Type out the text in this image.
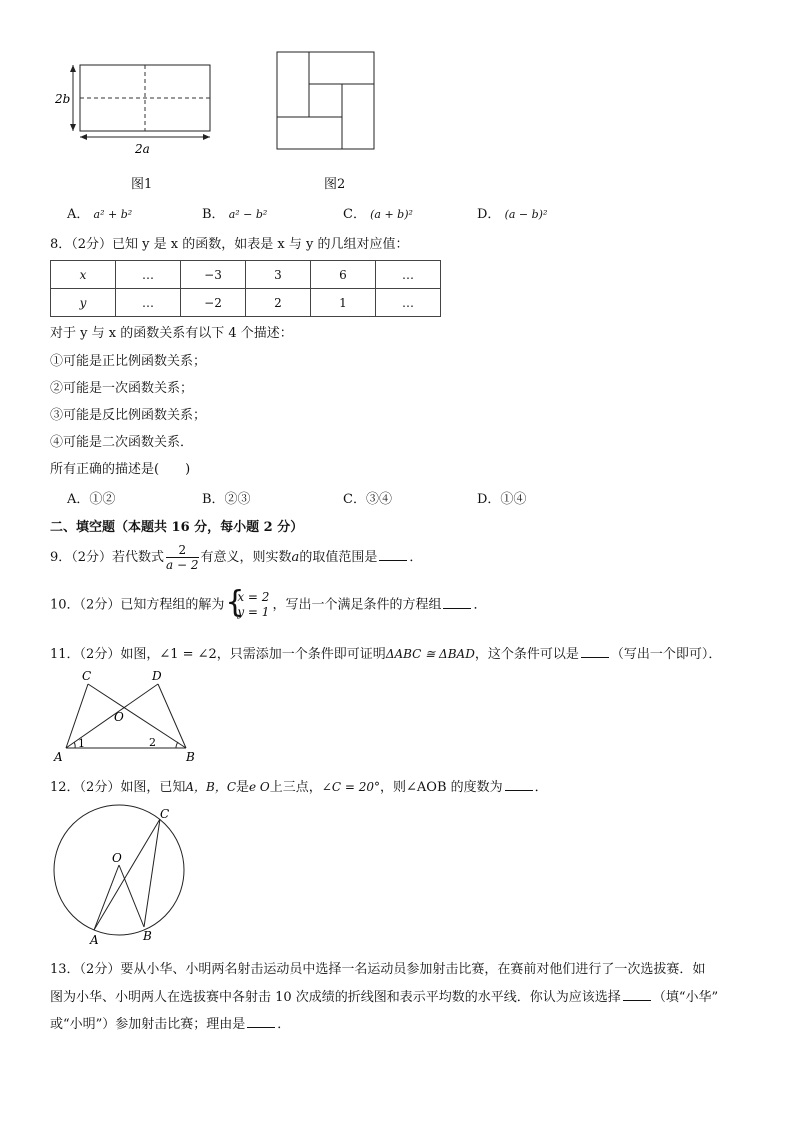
2b
2a
图1	图2
A． a² + b²	B． a² − b²	C． (a + b)²	D． (a − b)²
8．（2分）已知 y 是 x 的函数，如表是 x 与 y 的几组对应值：
x	…	−3	3	6	…
y	…	−2	2	1	…
对于 y 与 x 的函数关系有以下 4 个描述：
①可能是正比例函数关系；
②可能是一次函数关系；
③可能是反比例函数关系；
④可能是二次函数关系．
所有正确的描述是(　　)
A．①②	B．②③	C．③④	D．①④
二、填空题（本题共 16 分，每小题 2 分）
9．（2分）若代数式 $\frac{2}{a - 2}$ 有意义，则实数a的取值范围是 ．
10．（2分）已知方程组的解为
{ x = 2
y = 1 ，写出一个满足条件的方程组 ．
11．（2分）如图，∠1 = ∠2，只需添加一个条件即可证明ΔABC ≅ ΔBAD，这个条件可以是 （写出一个即可）．
C	D
O
A	B
1	2
12．（2分）如图，已知A，B，C是e O上三点，∠C = 20°，则∠AOB 的度数为 ．
C
O
A	B
13．（2分）要从小华、小明两名射击运动员中选择一名运动员参加射击比赛，在赛前对他们进行了一次选拔赛．如
图为小华、小明两人在选拔赛中各射击 10 次成绩的折线图和表示平均数的水平线．你认为应该选择 （填“小华”
或“小明”）参加射击比赛；理由是 ．
